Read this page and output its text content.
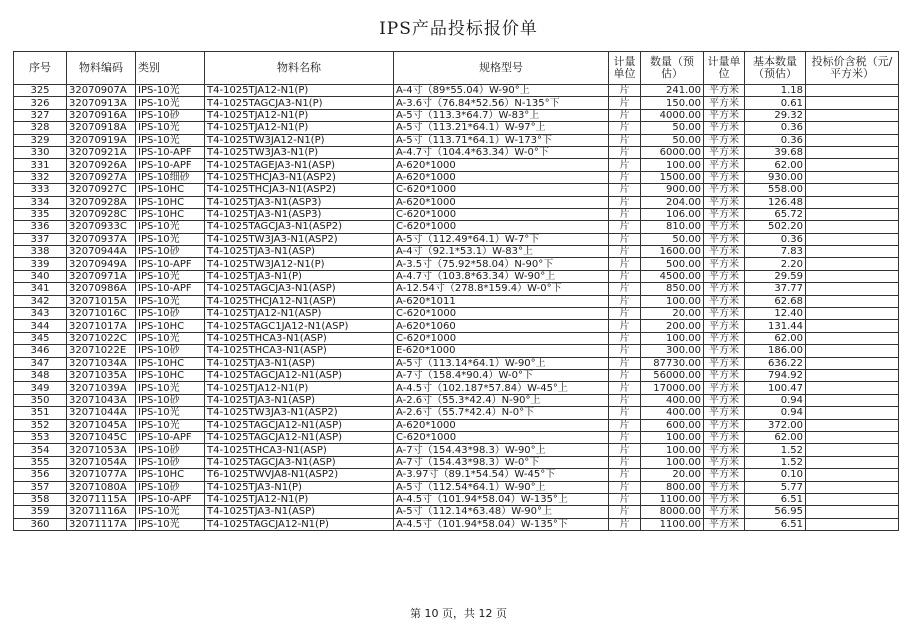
IPS产品投标报价单
序号	物料编码	类别	物料名称	规格型号	计量单位	数量（预估）	计量单位	基本数量（预估）	投标价含税（元/平方米）
325	32070907A	IPS-10光	T4-1025TJA12-N1(P)	A-4寸（89*55.04）W-90°上	片	241.00	平方米	1.18	
326	32070913A	IPS-10光	T4-1025TAGCJA3-N1(P)	A-3.6寸（76.84*52.56）N-135°下	片	150.00	平方米	0.61	
327	32070916A	IPS-10砂	T4-1025TJA12-N1(P)	A-5寸（113.3*64.7）W-83°上	片	4000.00	平方米	29.32	
328	32070918A	IPS-10光	T4-1025TJA12-N1(P)	A-5寸（113.21*64.1）W-97°上	片	50.00	平方米	0.36	
329	32070919A	IPS-10光	T4-1025TW3JA12-N1(P)	A-5寸（113.71*64.1）W-173°下	片	50.00	平方米	0.36	
330	32070921A	IPS-10-APF	T4-1025TW3JA3-N1(P)	A-4.7寸（104.4*63.34）W-0°下	片	6000.00	平方米	39.68	
331	32070926A	IPS-10-APF	T4-1025TAGEJA3-N1(ASP)	A-620*1000	片	100.00	平方米	62.00	
332	32070927A	IPS-10细砂	T4-1025THCJA3-N1(ASP2)	A-620*1000	片	1500.00	平方米	930.00	
333	32070927C	IPS-10HC	T4-1025THCJA3-N1(ASP2)	C-620*1000	片	900.00	平方米	558.00	
334	32070928A	IPS-10HC	T4-1025TJA3-N1(ASP3)	A-620*1000	片	204.00	平方米	126.48	
335	32070928C	IPS-10HC	T4-1025TJA3-N1(ASP3)	C-620*1000	片	106.00	平方米	65.72	
336	32070933C	IPS-10光	T4-1025TAGCJA3-N1(ASP2)	C-620*1000	片	810.00	平方米	502.20	
337	32070937A	IPS-10光	T4-1025TW3JA3-N1(ASP2)	A-5寸（112.49*64.1）W-7°下	片	50.00	平方米	0.36	
338	32070944A	IPS-10砂	T4-1025TJA3-N1(ASP)	A-4寸（92.1*53.1）W-83°上	片	1600.00	平方米	7.83	
339	32070949A	IPS-10-APF	T4-1025TW3JA12-N1(P)	A-3.5寸（75.92*58.04）N-90°下	片	500.00	平方米	2.20	
340	32070971A	IPS-10光	T4-1025TJA3-N1(P)	A-4.7寸（103.8*63.34）W-90°上	片	4500.00	平方米	29.59	
341	32070986A	IPS-10-APF	T4-1025TAGCJA3-N1(ASP)	A-12.54寸（278.8*159.4）W-0°下	片	850.00	平方米	37.77	
342	32071015A	IPS-10光	T4-1025THCJA12-N1(ASP)	A-620*1011	片	100.00	平方米	62.68	
343	32071016C	IPS-10砂	T4-1025TJA12-N1(ASP)	C-620*1000	片	20.00	平方米	12.40	
344	32071017A	IPS-10HC	T4-1025TAGC1JA12-N1(ASP)	A-620*1060	片	200.00	平方米	131.44	
345	32071022C	IPS-10光	T4-1025THCA3-N1(ASP)	C-620*1000	片	100.00	平方米	62.00	
346	32071022E	IPS-10砂	T4-1025THCA3-N1(ASP)	E-620*1000	片	300.00	平方米	186.00	
347	32071034A	IPS-10HC	T4-1025TJA3-N1(ASP)	A-5寸（113.14*64.1）W-90°上	片	87730.00	平方米	636.22	
348	32071035A	IPS-10HC	T4-1025TAGCJA12-N1(ASP)	A-7寸（158.4*90.4）W-0°下	片	56000.00	平方米	794.92	
349	32071039A	IPS-10光	T4-1025TJA12-N1(P)	A-4.5寸（102.187*57.84）W-45°上	片	17000.00	平方米	100.47	
350	32071043A	IPS-10砂	T4-1025TJA3-N1(ASP)	A-2.6寸（55.3*42.4）N-90°上	片	400.00	平方米	0.94	
351	32071044A	IPS-10光	T4-1025TW3JA3-N1(ASP2)	A-2.6寸（55.7*42.4）N-0°下	片	400.00	平方米	0.94	
352	32071045A	IPS-10光	T4-1025TAGCJA12-N1(ASP)	A-620*1000	片	600.00	平方米	372.00	
353	32071045C	IPS-10-APF	T4-1025TAGCJA12-N1(ASP)	C-620*1000	片	100.00	平方米	62.00	
354	32071053A	IPS-10砂	T4-1025THCA3-N1(ASP)	A-7寸（154.43*98.3）W-90°上	片	100.00	平方米	1.52	
355	32071054A	IPS-10砂	T4-1025TAGCJA3-N1(ASP)	A-7寸（154.43*98.3）W-0°下	片	100.00	平方米	1.52	
356	32071077A	IPS-10HC	T6-1025TWVJA8-N1(ASP2)	A-3.97寸（89.1*54.54）W-45°下	片	20.00	平方米	0.10	
357	32071080A	IPS-10砂	T4-1025TJA3-N1(P)	A-5寸（112.54*64.1）W-90°上	片	800.00	平方米	5.77	
358	32071115A	IPS-10-APF	T4-1025TJA12-N1(P)	A-4.5寸（101.94*58.04）W-135°上	片	1100.00	平方米	6.51	
359	32071116A	IPS-10光	T4-1025TJA3-N1(ASP)	A-5寸（112.14*63.48）W-90°上	片	8000.00	平方米	56.95	
360	32071117A	IPS-10光	T4-1025TAGCJA12-N1(P)	A-4.5寸（101.94*58.04）W-135°下	片	1100.00	平方米	6.51	
第 10 页，共 12 页
